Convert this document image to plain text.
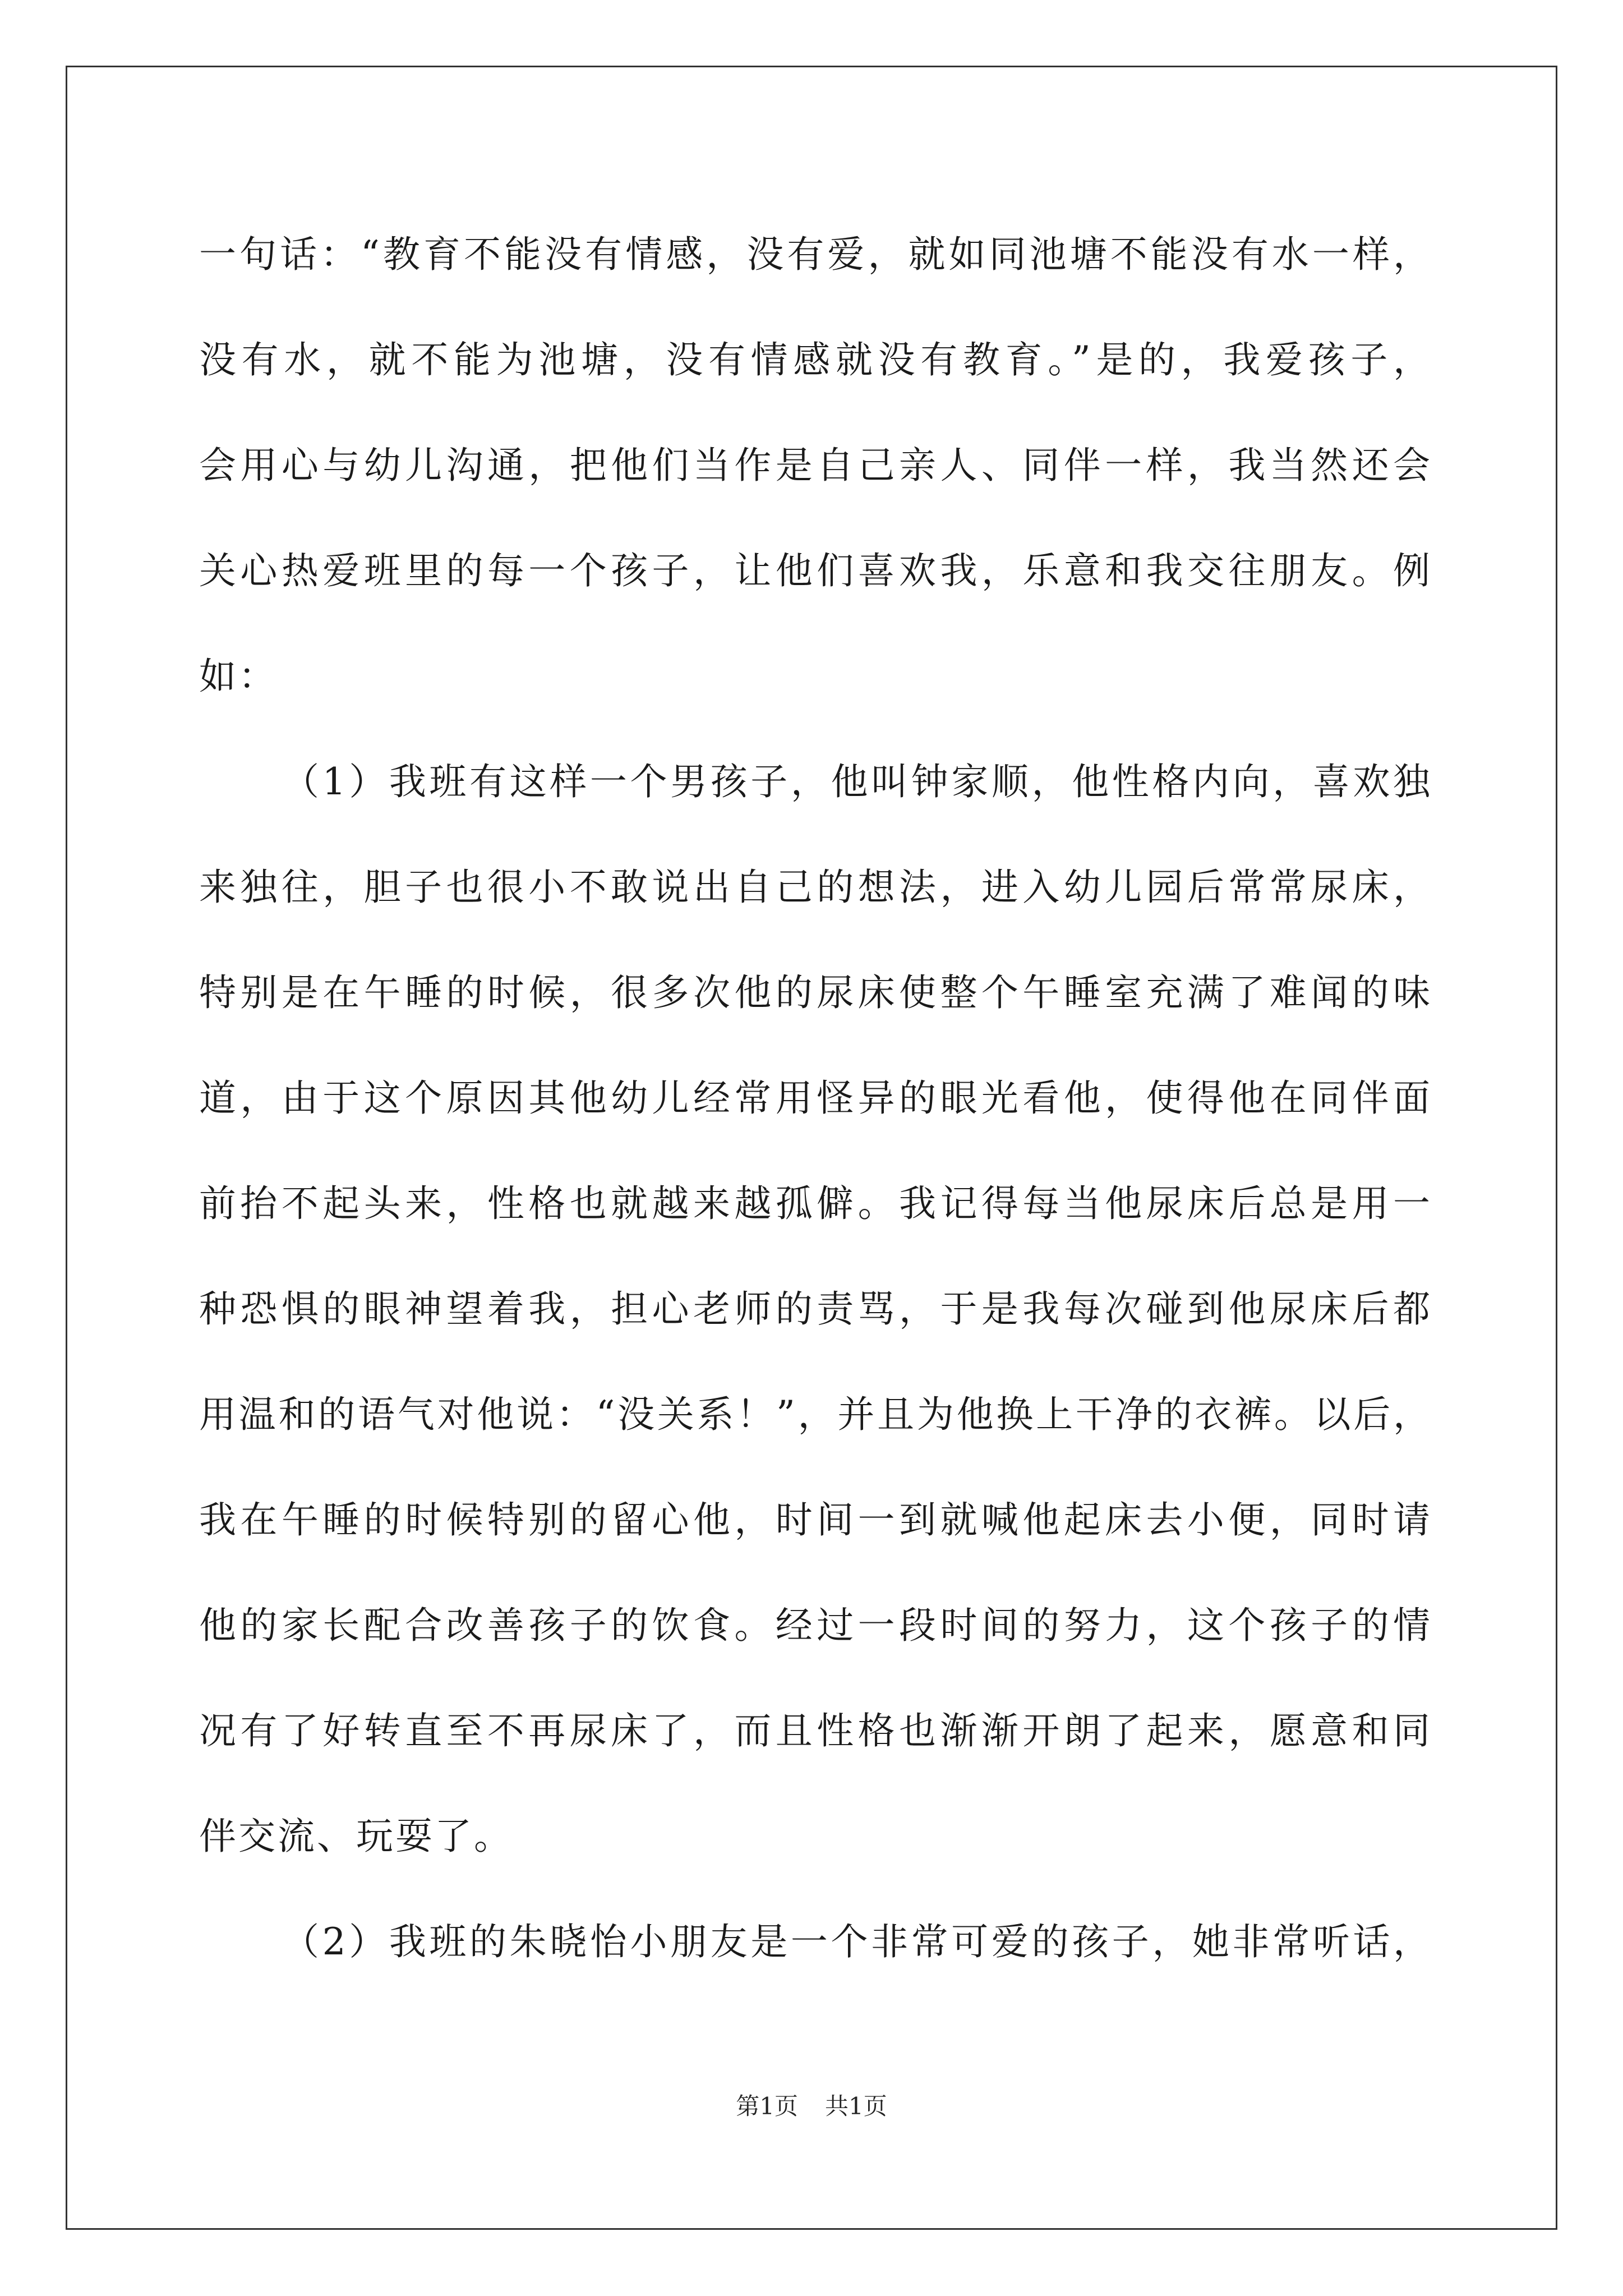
一句话：“教育不能没有情感，没有爱，就如同池塘不能没有水一样，
没有水，就不能为池塘，没有情感就没有教育。”是的，我爱孩子，
会用心与幼儿沟通，把他们当作是自己亲人、同伴一样，我当然还会
关心热爱班里的每一个孩子，让他们喜欢我，乐意和我交往朋友。例
如：
（1）我班有这样一个男孩子，他叫钟家顺，他性格内向，喜欢独
来独往，胆子也很小不敢说出自己的想法，进入幼儿园后常常尿床，
特别是在午睡的时候，很多次他的尿床使整个午睡室充满了难闻的味
道，由于这个原因其他幼儿经常用怪异的眼光看他，使得他在同伴面
前抬不起头来，性格也就越来越孤僻。我记得每当他尿床后总是用一
种恐惧的眼神望着我，担心老师的责骂，于是我每次碰到他尿床后都
用温和的语气对他说：“没关系！”，并且为他换上干净的衣裤。以后，
我在午睡的时候特别的留心他，时间一到就喊他起床去小便，同时请
他的家长配合改善孩子的饮食。经过一段时间的努力，这个孩子的情
况有了好转直至不再尿床了，而且性格也渐渐开朗了起来，愿意和同
伴交流、玩耍了。
（2）我班的朱晓怡小朋友是一个非常可爱的孩子，她非常听话，
第1页 共1页
